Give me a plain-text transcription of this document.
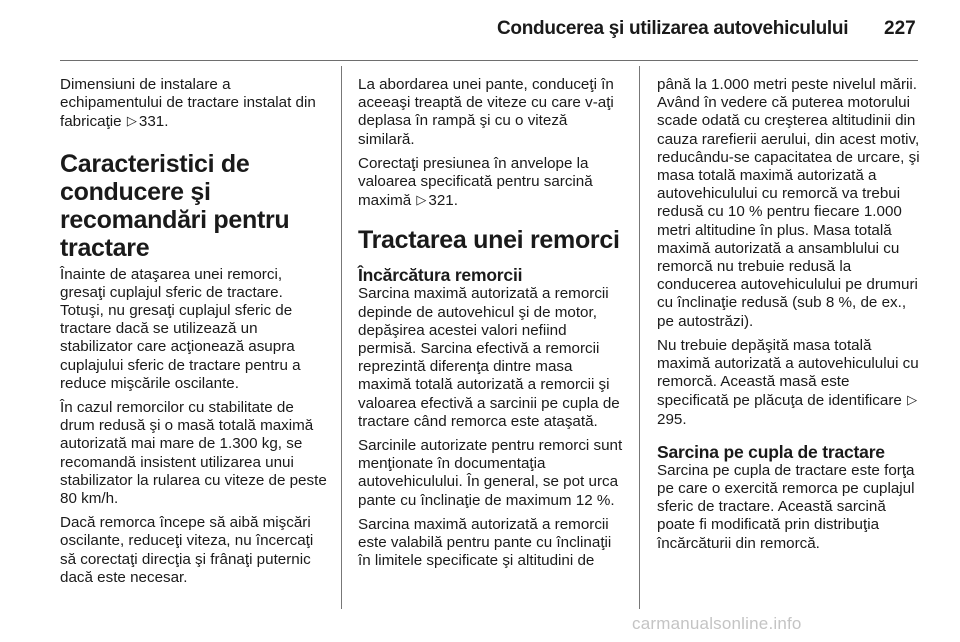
Conducerea şi utilizarea autovehiculului 227

Dimensiuni de instalare a echipamentului de tractare instalat din fabricaţie ▷ 331.

Caracteristici de conducere şi recomandări pentru tractare

Înainte de ataşarea unei remorci, gresaţi cuplajul sferic de tractare. Totuşi, nu gresaţi cuplajul sferic de tractare dacă se utilizează un stabilizator care acţionează asupra cuplajului sferic de tractare pentru a reduce mişcările oscilante.

În cazul remorcilor cu stabilitate de drum redusă şi o masă totală maximă autorizată mai mare de 1.300 kg, se recomandă insistent utilizarea unui stabilizator la rularea cu viteze de peste 80 km/h.

Dacă remorca începe să aibă mişcări oscilante, reduceţi viteza, nu încercaţi să corectaţi direcţia şi frânaţi puternic dacă este necesar.

La abordarea unei pante, conduceţi în aceeaşi treaptă de viteze cu care v-aţi deplasa în rampă şi cu o viteză similară.

Corectaţi presiunea în anvelope la valoarea specificată pentru sarcină maximă ▷ 321.

Tractarea unei remorci
Încărcătura remorcii

Sarcina maximă autorizată a remorcii depinde de autovehicul şi de motor, depăşirea acestei valori nefiind permisă. Sarcina efectivă a remorcii reprezintă diferenţa dintre masa maximă totală autorizată a remorcii şi valoarea efectivă a sarcinii pe cupla de tractare când remorca este ataşată.

Sarcinile autorizate pentru remorci sunt menţionate în documentaţia autovehiculului. În general, se pot urca pante cu înclinaţie de maximum 12 %.

Sarcina maximă autorizată a remorcii este valabilă pentru pante cu înclinaţii în limitele specificate şi altitudini de

până la 1.000 metri peste nivelul mării. Având în vedere că puterea motorului scade odată cu creşterea altitudinii din cauza rarefierii aerului, din acest motiv, reducându-se capacitatea de urcare, şi masa totală maximă autorizată a autovehiculului cu remorcă va trebui redusă cu 10 % pentru fiecare 1.000 metri altitudine în plus. Masa totală maximă autorizată a ansamblului cu remorcă nu trebuie redusă la conducerea autovehiculului pe drumuri cu înclinaţie redusă (sub 8 %, de ex., pe autostrăzi).

Nu trebuie depăşită masa totală maximă autorizată a autovehiculului cu remorcă. Această masă este specificată pe plăcuţa de identificare ▷295.

Sarcina pe cupla de tractare

Sarcina pe cupla de tractare este forţa pe care o exercită remorca pe cuplajul sferic de tractare. Această sarcină poate fi modificată prin distribuţia încărcăturii din remorcă.

carmanualsonline.info
